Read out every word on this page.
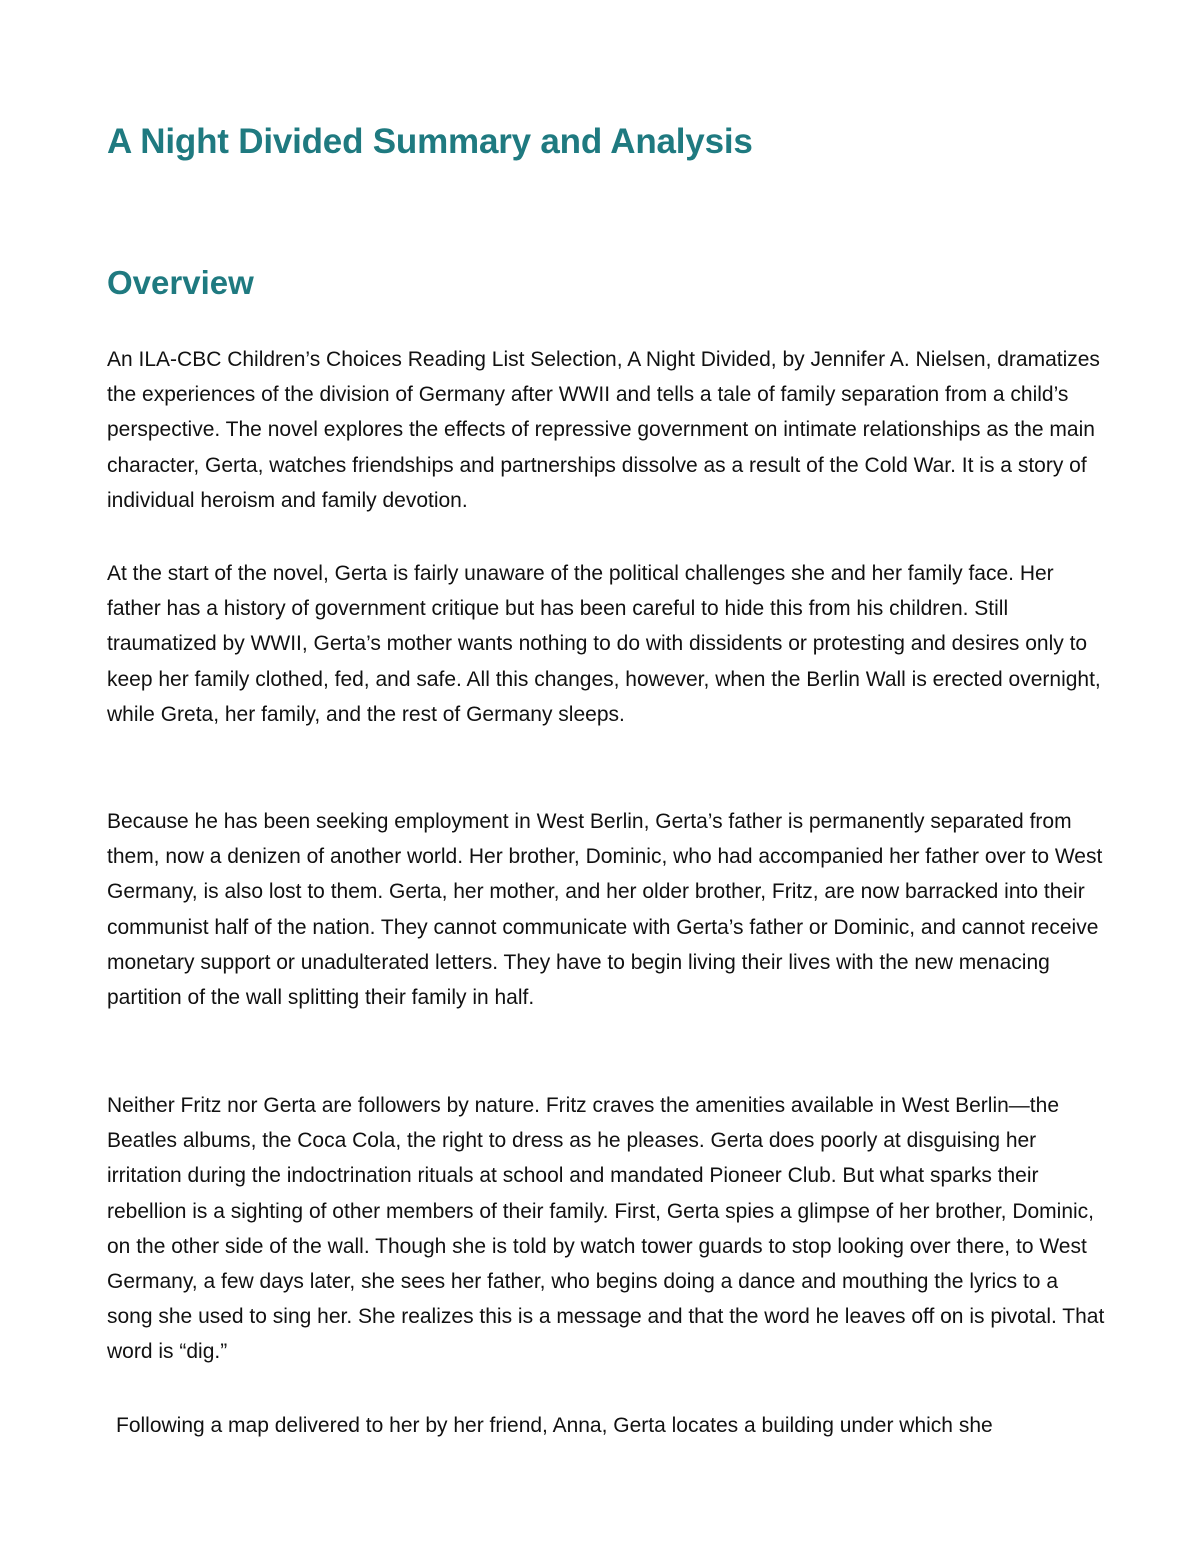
A Night Divided Summary and Analysis
Overview

An ILA-CBC Children’s Choices Reading List Selection, A Night Divided, by Jennifer A. Nielsen, dramatizes the experiences of the division of Germany after WWII and tells a tale of family separation from a child’s perspective. The novel explores the effects of repressive government on intimate relationships as the main character, Gerta, watches friendships and partnerships dissolve as a result of the Cold War. It is a story of individual heroism and family devotion.

At the start of the novel, Gerta is fairly unaware of the political challenges she and her family face. Her father has a history of government critique but has been careful to hide this from his children. Still traumatized by WWII, Gerta’s mother wants nothing to do with dissidents or protesting and desires only to keep her family clothed, fed, and safe. All this changes, however, when the Berlin Wall is erected overnight, while Greta, her family, and the rest of Germany sleeps.

Because he has been seeking employment in West Berlin, Gerta’s father is permanently separated from them, now a denizen of another world. Her brother, Dominic, who had accompanied her father over to West Germany, is also lost to them. Gerta, her mother, and her older brother, Fritz, are now barracked into their communist half of the nation. They cannot communicate with Gerta’s father or Dominic, and cannot receive monetary support or unadulterated letters. They have to begin living their lives with the new menacing partition of the wall splitting their family in half.

Neither Fritz nor Gerta are followers by nature. Fritz craves the amenities available in West Berlin—the Beatles albums, the Coca Cola, the right to dress as he pleases. Gerta does poorly at disguising her irritation during the indoctrination rituals at school and mandated Pioneer Club. But what sparks their rebellion is a sighting of other members of their family. First, Gerta spies a glimpse of her brother, Dominic, on the other side of the wall. Though she is told by watch tower guards to stop looking over there, to West Germany, a few days later, she sees her father, who begins doing a dance and mouthing the lyrics to a song she used to sing her. She realizes this is a message and that the word he leaves off on is pivotal. That word is “dig.”

Following a map delivered to her by her friend, Anna, Gerta locates a building under which she
